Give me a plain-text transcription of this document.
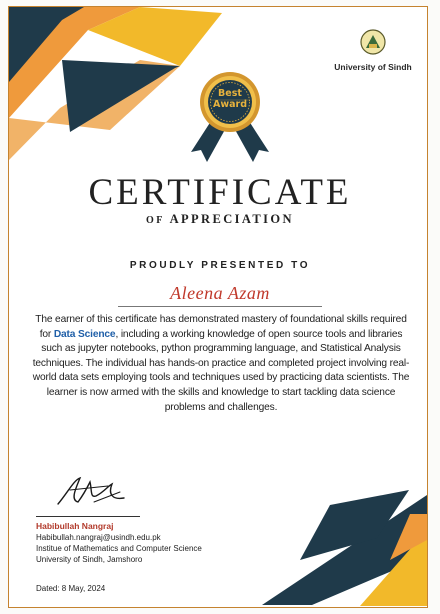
University of Sindh
Best
Award
CERTIFICATE
OF APPRECIATION
PROUDLY PRESENTED TO
Aleena Azam
The earner of this certificate has demonstrated mastery of foundational skills required for Data Science, including a working knowledge of open source tools and libraries such as jupyter notebooks, python programming language, and Statistical Analysis techniques. The individual has hands-on practice and completed project involving real-world data sets employing tools and techniques used by practicing data scientists. The learner is now armed with the skills and knowledge to start tackling data science problems and challenges.
Habibullah Nangraj
Habibullah.nangraj@usindh.edu.pk
Institue of Mathematics and Computer Science
University of Sindh, Jamshoro
Dated: 8 May, 2024
